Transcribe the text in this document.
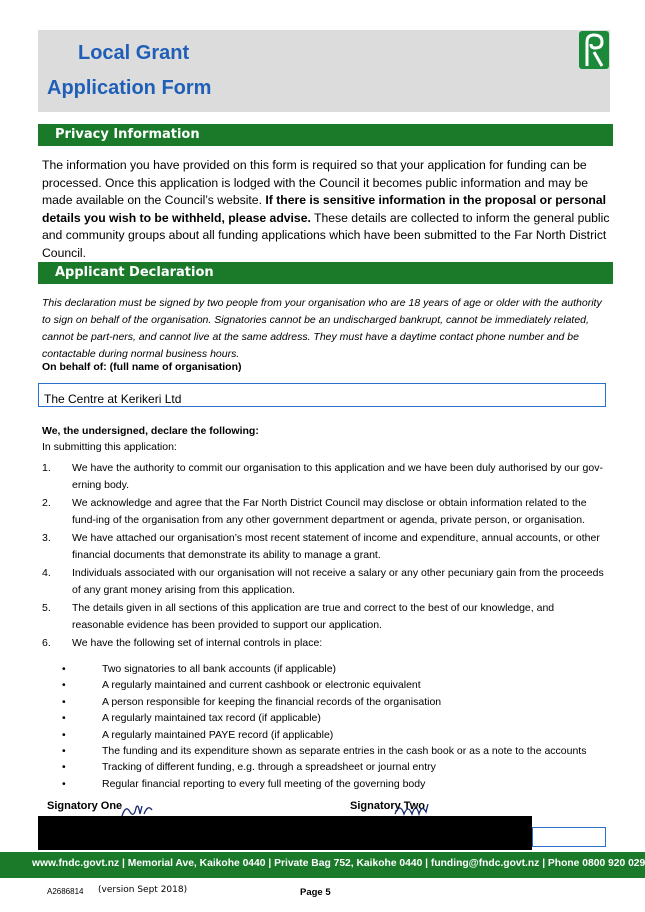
Local Grant
Application Form
Privacy Information
The information you have provided on this form is required so that your application for funding can be processed. Once this application is lodged with the Council it becomes public information and may be made available on the Council’s website. If there is sensitive information in the proposal or personal details you wish to be withheld, please advise. These details are collected to inform the general public and community groups about all funding applications which have been submitted to the Far North District Council.
Applicant Declaration
This declaration must be signed by two people from your organisation who are 18 years of age or older with the authority to sign on behalf of the organisation. Signatories cannot be an undischarged bankrupt, cannot be immediately related, cannot be part-ners, and cannot live at the same address. They must have a daytime contact phone number and be contactable during normal business hours.
On behalf of: (full name of organisation)
The Centre at Kerikeri Ltd
We, the undersigned, declare the following:
In submitting this application:
1. We have the authority to commit our organisation to this application and we have been duly authorised by our gov-erning body.
2. We acknowledge and agree that the Far North District Council may disclose or obtain information related to the fund-ing of the organisation from any other government department or agenda, private person, or organisation.
3. We have attached our organisation’s most recent statement of income and expenditure, annual accounts, or other financial documents that demonstrate its ability to manage a grant.
4. Individuals associated with our organisation will not receive a salary or any other pecuniary gain from the proceeds of any grant money arising from this application.
5. The details given in all sections of this application are true and correct to the best of our knowledge, and reasonable evidence has been provided to support our application.
6. We have the following set of internal controls in place:
•	Two signatories to all bank accounts (if applicable)
•	A regularly maintained and current cashbook or electronic equivalent
•	A person responsible for keeping the financial records of the organisation
•	A regularly maintained tax record (if applicable)
•	A regularly maintained PAYE record (if applicable)
•	The funding and its expenditure shown as separate entries in the cash book or as a note to the accounts
•	Tracking of different funding, e.g. through a spreadsheet or journal entry
•	Regular financial reporting to every full meeting of the governing body
Signatory One	Signatory Two
www.fndc.govt.nz | Memorial Ave, Kaikohe 0440 | Private Bag 752, Kaikohe 0440 | funding@fndc.govt.nz | Phone 0800 920 029
A2686814 (version Sept 2018)	Page 5
